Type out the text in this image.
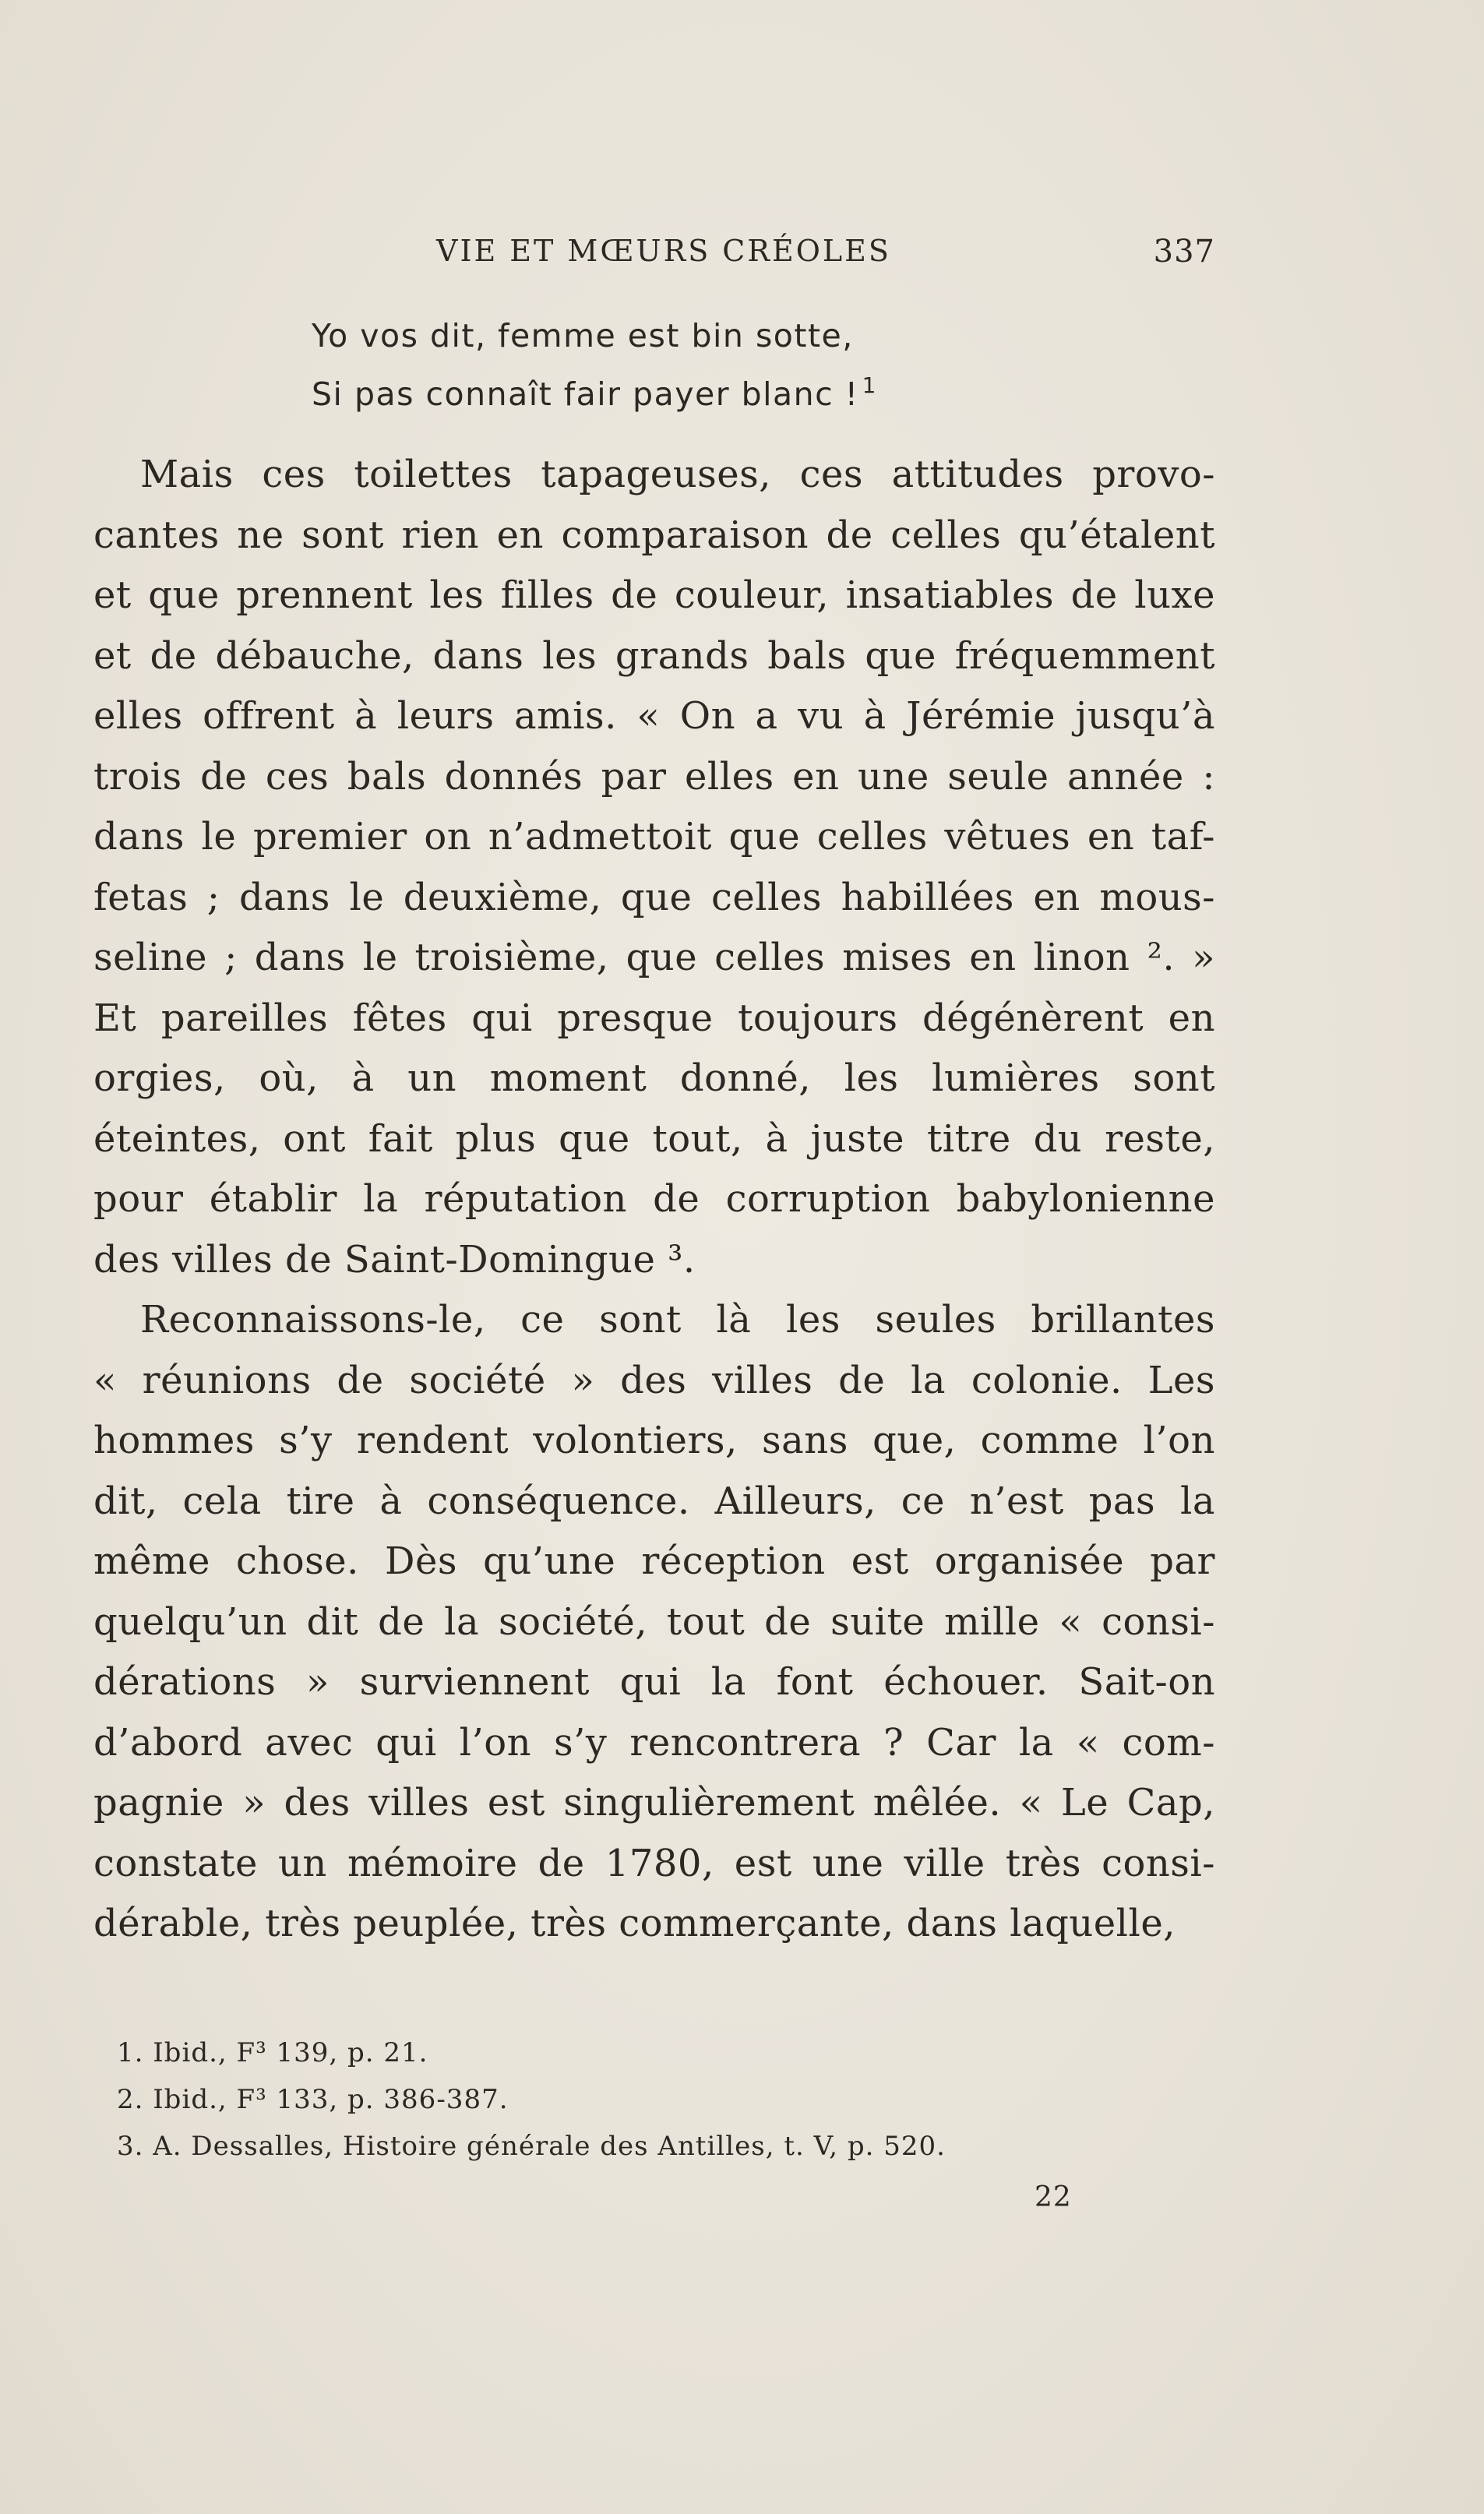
VIE ET MŒURS CRÉOLES	337
Yo vos dit, femme est bin sotte,
Si pas connaît fair payer blanc ! $^1$
Mais ces toilettes tapageuses, ces attitudes provo-
cantes ne sont rien en comparaison de celles qu’étalent
et que prennent les filles de couleur, insatiables de luxe
et de débauche, dans les grands bals que fréquemment
elles offrent à leurs amis. « On a vu à Jérémie jusqu’à
trois de ces bals donnés par elles en une seule année :
dans le premier on n’admettoit que celles vêtues en taf-
fetas ; dans le deuxième, que celles habillées en mous-
seline ; dans le troisième, que celles mises en linon ². »
Et pareilles fêtes qui presque toujours dégénèrent en
orgies, où, à un moment donné, les lumières sont
éteintes, ont fait plus que tout, à juste titre du reste,
pour établir la réputation de corruption babylonienne
des villes de Saint-Domingue ³.
Reconnaissons-le, ce sont là les seules brillantes
« réunions de société » des villes de la colonie. Les
hommes s’y rendent volontiers, sans que, comme l’on
dit, cela tire à conséquence. Ailleurs, ce n’est pas la
même chose. Dès qu’une réception est organisée par
quelqu’un dit de la société, tout de suite mille « consi-
dérations » surviennent qui la font échouer. Sait-on
d’abord avec qui l’on s’y rencontrera ? Car la « com-
pagnie » des villes est singulièrement mêlée. « Le Cap,
constate un mémoire de 1780, est une ville très consi-
dérable, très peuplée, très commerçante, dans laquelle,
1. Ibid., F³ 139, p. 21.
2. Ibid., F³ 133, p. 386-387.
3. A. Dessalles, Histoire générale des Antilles, t. V, p. 520.
22
